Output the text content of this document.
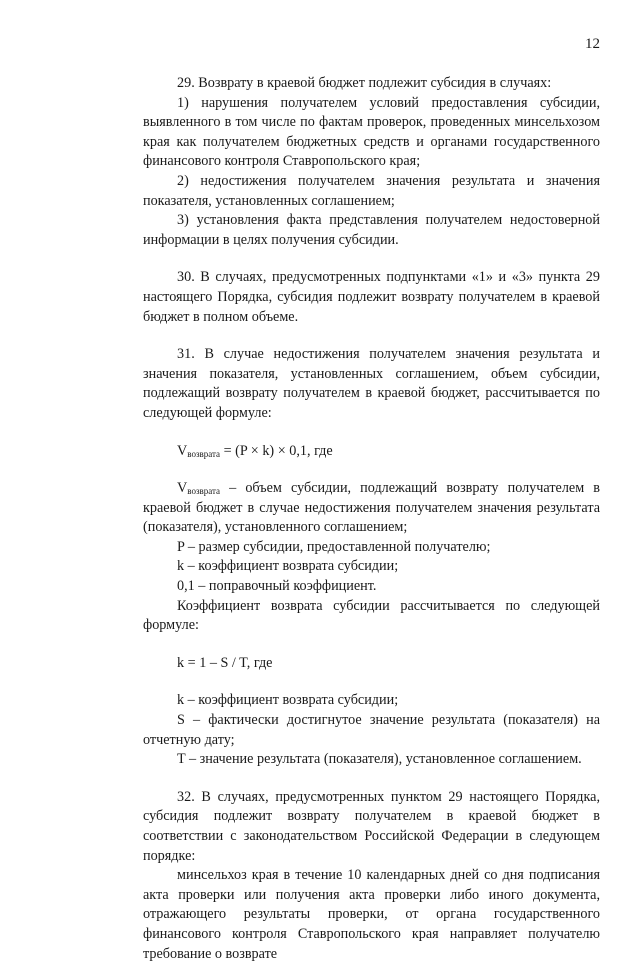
12

29. Возврату в краевой бюджет подлежит субсидия в случаях:

1) нарушения получателем условий предоставления субсидии, выявленного в том числе по фактам проверок, проведенных минсельхозом края как получателем бюджетных средств и органами государственного финансового контроля Ставропольского края;

2) недостижения получателем значения результата и значения показателя, установленных соглашением;

3) установления факта представления получателем недостоверной информации в целях получения субсидии.

30. В случаях, предусмотренных подпунктами «1» и «3» пункта 29 настоящего Порядка, субсидия подлежит возврату получателем в краевой бюджет в полном объеме.

31. В случае недостижения получателем значения результата и значения показателя, установленных соглашением, объем субсидии, подлежащий возврату получателем в краевой бюджет, рассчитывается по следующей формуле:

$V_{возврата} = (P \times k) \times 0,1$, где

$V_{возврата}$ – объем субсидии, подлежащий возврату получателем в краевой бюджет в случае недостижения получателем значения результата (показателя), установленного соглашением;

P – размер субсидии, предоставленной получателю;

k – коэффициент возврата субсидии;

0,1 – поправочный коэффициент.

Коэффициент возврата субсидии рассчитывается по следующей формуле:

k = 1 – S / T, где

k – коэффициент возврата субсидии;

S – фактически достигнутое значение результата (показателя) на отчетную дату;

T – значение результата (показателя), установленное соглашением.

32. В случаях, предусмотренных пунктом 29 настоящего Порядка, субсидия подлежит возврату получателем в краевой бюджет в соответствии с законодательством Российской Федерации в следующем порядке:

минсельхоз края в течение 10 календарных дней со дня подписания акта проверки или получения акта проверки либо иного документа, отражающего результаты проверки, от органа государственного финансового контроля Ставропольского края направляет получателю требование о возврате
